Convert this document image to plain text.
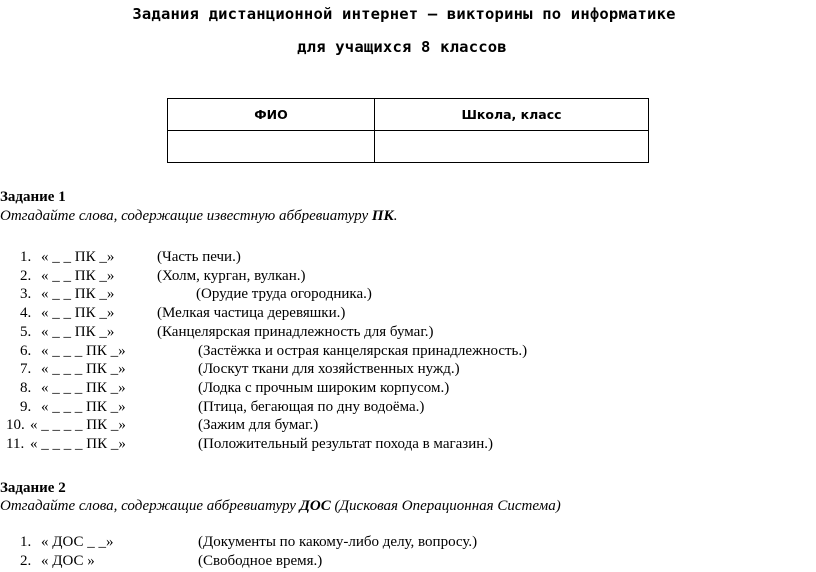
Задания дистанционной интернет – викторины по информатике
для учащихся 8 классов
ФИО	Школа, класс

Задание 1
Отгадайте слова, содержащие известную аббревиатуру ПК.
1. « _ _ ПК _»	(Часть печи.)
2. « _ _ ПК _»	(Холм, курган, вулкан.)
3. « _ _ ПК _»	(Орудие труда огородника.)
4. « _ _ ПК _»	(Мелкая частица деревяшки.)
5. « _ _ ПК _»	(Канцелярская принадлежность для бумаг.)
6. « _ _ _ ПК _»	(Застёжка и острая канцелярская принадлежность.)
7. « _ _ _ ПК _»	(Лоскут ткани для хозяйственных нужд.)
8. « _ _ _ ПК _»	(Лодка с прочным широким корпусом.)
9. « _ _ _ ПК _»	(Птица, бегающая по дну водоёма.)
10. « _ _ _ _ ПК _»	(Зажим для бумаг.)
11. « _ _ _ _ ПК _»	(Положительный результат похода в магазин.)
Задание 2
Отгадайте слова, содержащие аббревиатуру ДОС (Дисковая Операционная Система)
1. « ДОС _ _»	(Документы по какому-либо делу, вопросу.)
2. « ДОС »	(Свободное время.)
